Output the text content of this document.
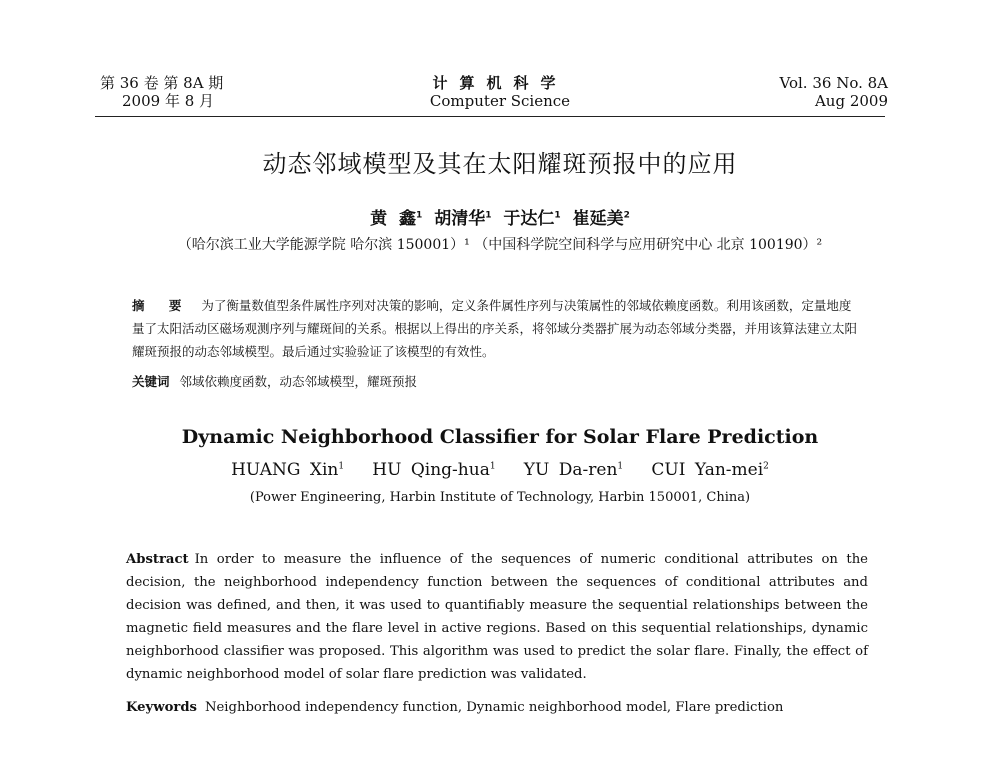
第 36 卷 第 8A 期
2009 年 8 月
计算机科学
Computer Science
Vol. 36 No. 8A
Aug 2009
动态邻域模型及其在太阳耀斑预报中的应用
黄 鑫$^1$ 胡清华$^1$ 于达仁$^1$ 崔延美$^2$
（哈尔滨工业大学能源学院 哈尔滨 150001）¹ （中国科学院空间科学与应用研究中心 北京 100190）²
摘 要 为了衡量数值型条件属性序列对决策的影响，定义条件属性序列与决策属性的邻域依赖度函数。利用该函数，定量地度量了太阳活动区磁场观测序列与耀斑间的关系。根据以上得出的序关系，将邻域分类器扩展为动态邻域分类器，并用该算法建立太阳耀斑预报的动态邻域模型。最后通过实验验证了该模型的有效性。
关键词 邻域依赖度函数，动态邻域模型，耀斑预报
Dynamic Neighborhood Classifier for Solar Flare Prediction
HUANG Xin$^1$ HU Qing-hua$^1$ YU Da-ren$^1$ CUI Yan-mei$^2$
(Power Engineering, Harbin Institute of Technology, Harbin 150001, China)
Abstract In order to measure the influence of the sequences of numeric conditional attributes on the decision, the neighborhood independency function between the sequences of conditional attributes and decision was defined, and then, it was used to quantifiably measure the sequential relationships between the magnetic field measures and the flare level in active regions. Based on this sequential relationships, dynamic neighborhood classifier was proposed. This algorithm was used to predict the solar flare. Finally, the effect of dynamic neighborhood model of solar flare prediction was validated.
Keywords Neighborhood independency function, Dynamic neighborhood model, Flare prediction
